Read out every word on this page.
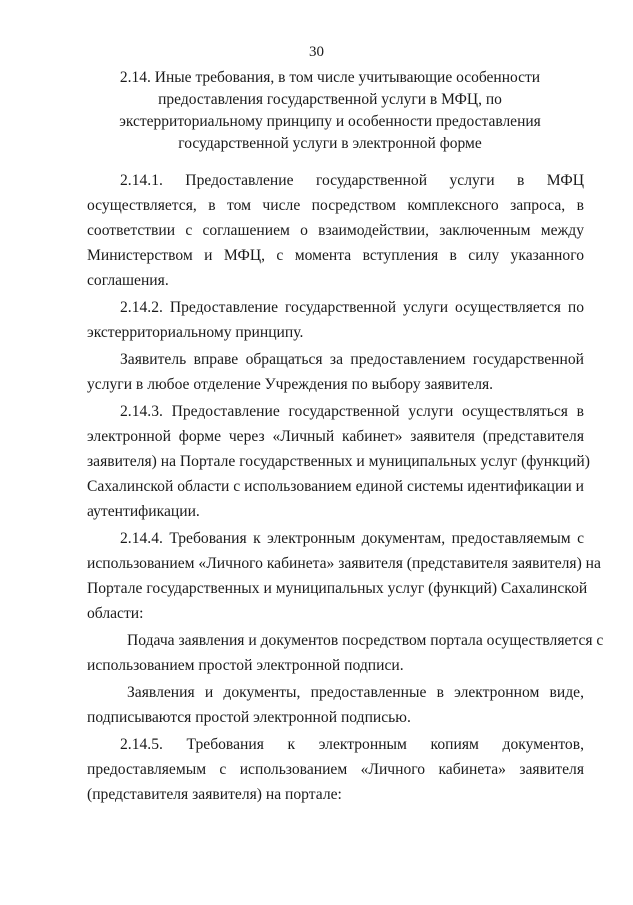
30
2.14. Иные требования, в том числе учитывающие особенности
предоставления государственной услуги в МФЦ, по
экстерриториальному принципу и особенности предоставления
государственной услуги в электронной форме

2.14.1. Предоставление государственной услуги в МФЦ
осуществляется, в том числе посредством комплексного запроса, в
соответствии с соглашением о взаимодействии, заключенным между
Министерством и МФЦ, с момента вступления в силу указанного
соглашения.

2.14.2. Предоставление государственной услуги осуществляется по
экстерриториальному принципу.

Заявитель вправе обращаться за предоставлением государственной
услуги в любое отделение Учреждения по выбору заявителя.

2.14.3. Предоставление государственной услуги осуществляться в
электронной форме через «Личный кабинет» заявителя (представителя
заявителя) на Портале государственных и муниципальных услуг (функций)
Сахалинской области с использованием единой системы идентификации и
аутентификации.

2.14.4. Требования к электронным документам, предоставляемым с
использованием «Личного кабинета» заявителя (представителя заявителя) на
Портале государственных и муниципальных услуг (функций) Сахалинской
области:

Подача заявления и документов посредством портала осуществляется с
использованием простой электронной подписи.

Заявления и документы, предоставленные в электронном виде,
подписываются простой электронной подписью.

2.14.5. Требования к электронным копиям документов,
предоставляемым с использованием «Личного кабинета» заявителя
(представителя заявителя) на портале:
